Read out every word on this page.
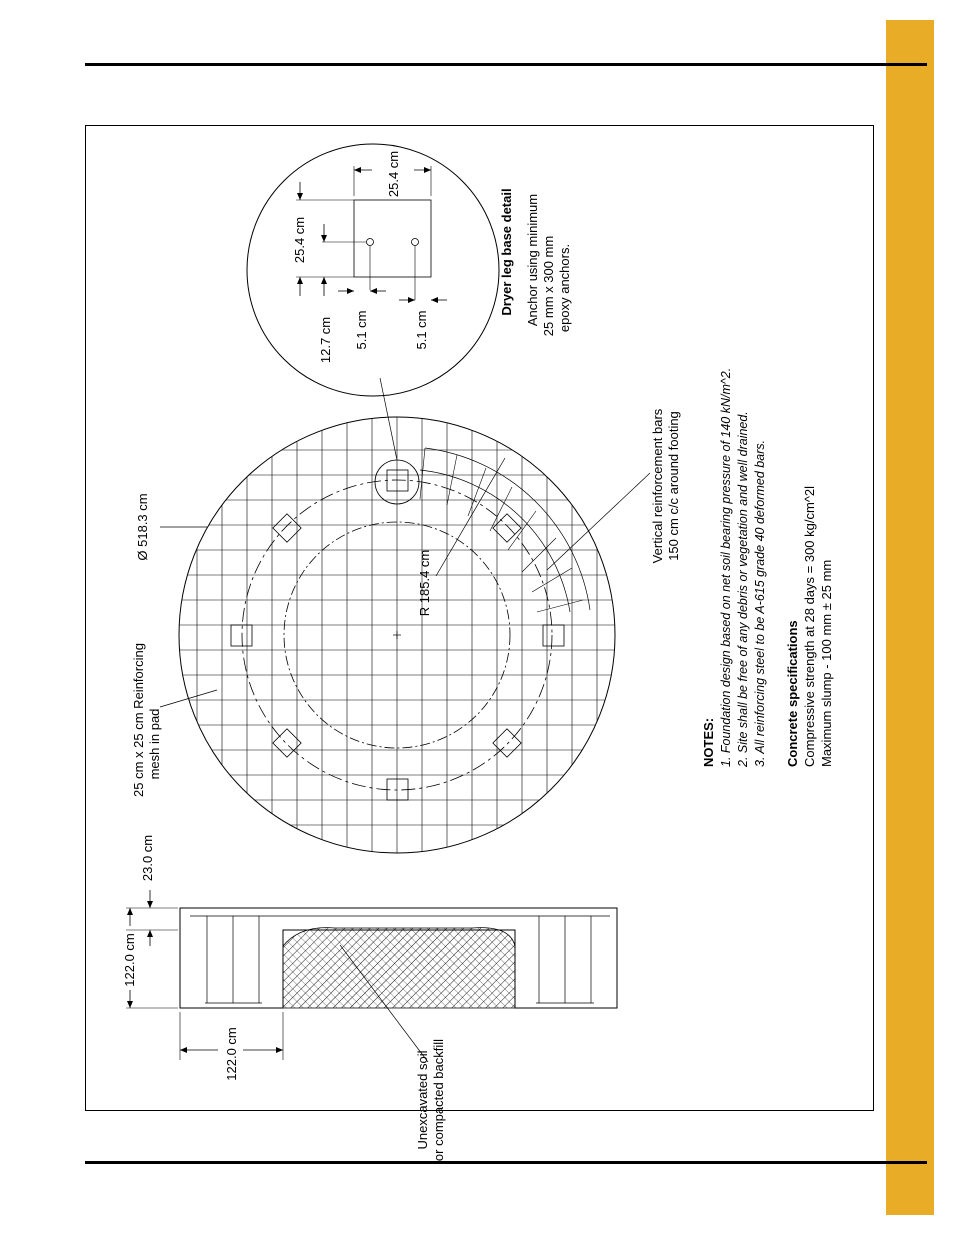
122.0 cm
23.0 cm
122.0 cm	Unexcavated soil or compacted backfill
25 cm x 25 cm Reinforcing mesh in pad
Ø 518.3 cm
R 185.4 cm
Vertical reinforcement bars 150 cm c/c around footing
25.4 cm
25.4 cm
12.7 cm 5.1 cm	5.1 cm
Dryer leg base detail Anchor using minimum 25 mm x 300 mm epoxy anchors.
NOTES: 1. Foundation design based on net soil bearing pressure of 140 kN/m^2. 2. Site shall be free of any debris or vegetation and well drained. 3. All reinforcing steel to be A-615 grade 40 deformed bars. Concrete specifications Compressive strength at 28 days = 300 kg/cm^2l Maximum slump - 100 mm ± 25 mm
